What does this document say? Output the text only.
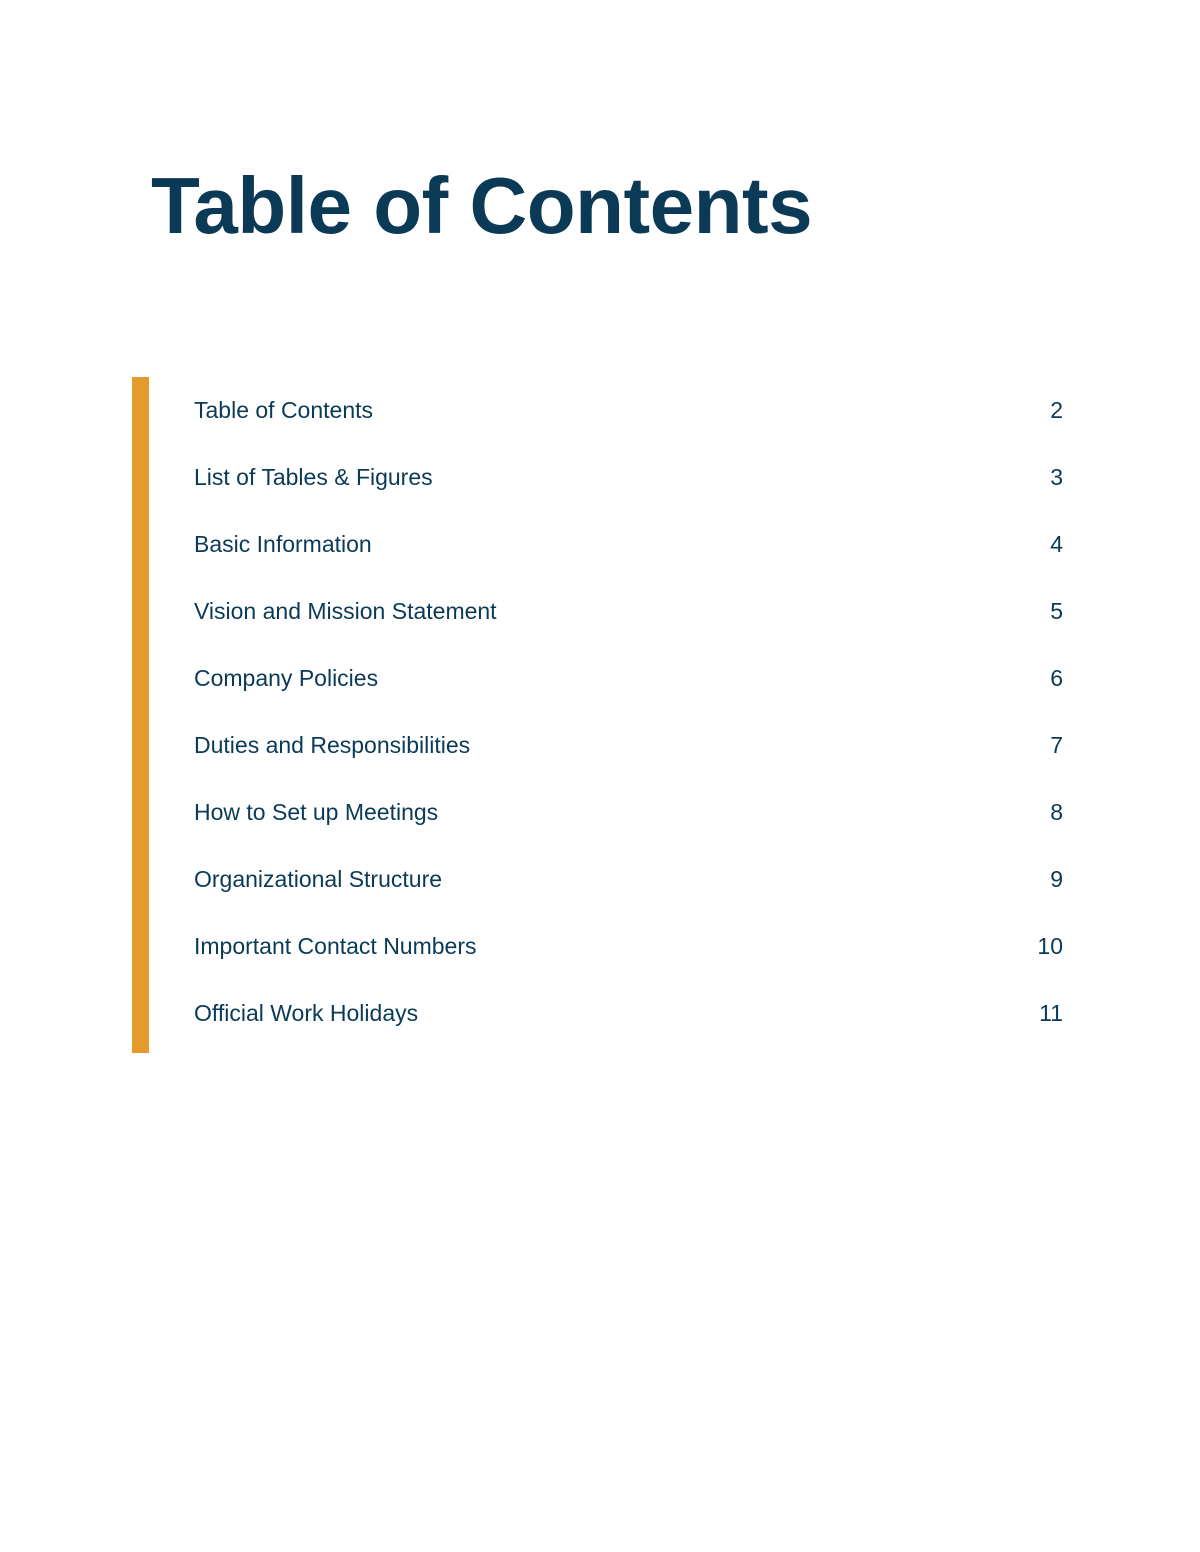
Table of Contents
Table of Contents	2
List of Tables & Figures	3
Basic Information	4
Vision and Mission Statement	5
Company Policies	6
Duties and Responsibilities	7
How to Set up Meetings	8
Organizational Structure	9
Important Contact Numbers	10
Official Work Holidays	11
